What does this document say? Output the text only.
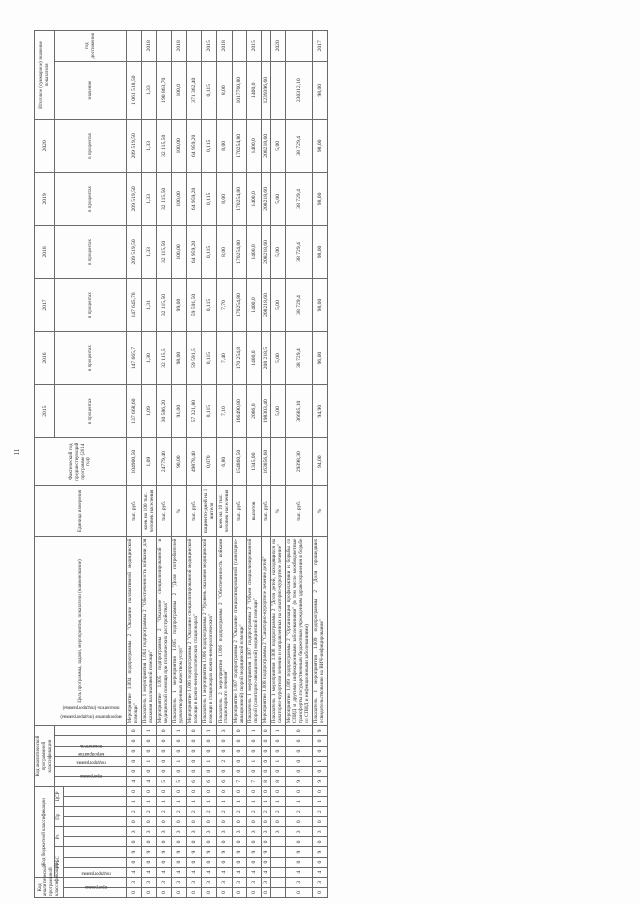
11
Код аналитической программной классификации		Код бюджетной классификации									Код аналитической программной классификации						Цель программы, задачи, мероприятия, показатели (наименование)	Единица измерения	Фактический год предшествующий программе (2014 год)	2015	2016	2017	2018	2019	2020	Итоговое (суммарное) значение показателя	
		ГРБС			Рз		Пр		ЦСР		программа	подпрограмма	мероприятие	показатель	мероприятие (подпрограммы)	показатель (подпрограммы)				в процентах	в процентах	в процентах	в процентах	в процентах	в процентах	значение	год достижения
программа	подпрограмма																										
0	3	4	0	9	0	3	0	2	1	0	4	0	0	0	0	0	Мероприятие 1.004 подпрограммы 2 "Оказание паллиативной медицинской помощи"	тыс. руб.	104900,50	137 668,60	147 665,7	147 645,70	209 519,50	209 519,50	209 519,50	1 061 518,50	
0	3	4	0	9	0	3	0	2	1	0	4	0	1	0	0	1	Показатель 1 мероприятия 1.004 подпрограммы 2 "Обеспеченность койками для оказания паллиативной помощи"	коек на 100 тыс. человек населения	1,09	1,09	1,30	1,31	1,33	1,33	1,33	1,33	2018
0	3	4	0	9	0	3	0	2	1	0	5	0	0	0	0	0	Мероприятие 1.005 подпрограммы 2 "Оказание специализированной и медицинской помощи при психических расстройствах"	тыс. руб.	24779,40	30 586,20	32 115,5	32 115,50	32 115,50	32 115,50	32 115,50	190 863,70	
0	3	4	0	9	0	3	0	2	1	0	5	0	1	0	0	1	Показатель 1 мероприятия 1.005 подпрограммы 2 "Доля потребителей удовлетворенных качеством услуг"	%	90,00	91,00	98,00	99,00	100,00	100,00	100,00	100,0	2018
0	3	4	0	9	0	3	0	2	1	0	6	0	0	0	0	0	Мероприятие 1.006 подпрограммы 2 "Оказание специализированной медицинской помощи в кожно-венерологических стационарах"	тыс. руб.	49878,40	57 321,80	59 591,5	59 591,50	64 959,20	64 959,20	64 959,20	371 362,40	
0	3	4	0	9	0	3	0	2	1	0	6	0	1	0	0	1	Показатель 1 мероприятия 1.006 подпрограммы 2 "Уровень оказания медицинской помощи в стационарах кожно-венерологических"	пациенто-дней на 1 жителя	0,070	0,115	0,115	0,115	0,115	0,115	0,115	0,115	2015
0	3	4	0	9	0	3	0	2	1	0	6	0	2	0	0	3	Показатель 2 мероприятия 1.006 подпрограммы 2 "Обеспеченность койками стационарного лечения"	коек на 10 тыс. человек населения	6,80	7,10	7,40	7,70	8,00	8,00	8,00	8,00	2018
0	3	4	0	9	0	3	0	2	1	0	7	0	0	0	0	0	Мероприятие 1.007 подпрограммы 2 "Оказание специализированной (санитарно-авиационной) скорой медицинской помощи"	тыс. руб.	154860,50	166490,80	170 254,8	170254,80	170254,80	170254,80	170254,80	1017760,80	
0	3	4	0	9	0	3	0	2	1	0	7	0	1	0	0	1	Показатель 1 мероприятия 1.007 подпрограммы 2 "Объем специализированной скорой (санитарно-авиационной) медицинской помощи"	вылетов	1345,00	2086,0	1400,0	1400,0	1400,0	1400,0	1400,0	1400,0	2015
0	3	4	0	9	0	3	0	2	1	0	8	0	0	0	0	0	Мероприятие 1.008 подпрограммы 2 "Санаторно-курортное лечение детей"	тыс. руб.	163856,60	198303,40	208 218,5	208218,60	208218,60	208218,60	208218,60	1239396,60	
						3	0	2	1	0	8	0	1	0	0	1	Показатель 1 мероприятия 1.008 подпрограммы 2 "Доля детей, находящихся на санаторно-курортном лечении и направленных на санаторно-курортное лечение"	%		5,00	5,00	5,00	5,00	5,00	5,00		2020
0	3	4	0	9	0	3	0	2	1	0	9	0	0	0	0	0	Мероприятие 1.009 подпрограммы 2 "Организация профилактики и борьбы со СПИД и другими инфекционными заболеваниями" (в том числе межбюджетные трансферты государственным бюджетным учреждениям здравоохранения в борьбе со СПИД и инфекционными заболеваниями)	тыс. руб.	29398,30	36685,10	38 729,4	38 729,4	38 729,4	38 729,4	38 729,4	230312,10	
0	3	4	0	9	0	3	0	2	1	0	9	0	1	0	0	9	Показатель 1 мероприятия 1.009 подпрограммы 2 "Доля прошедших освидетельствование на ВИЧ-инфицирования"	%	94,00	94,90	96,00	98,00	98,00	98,00	98,00	98,00	2017
